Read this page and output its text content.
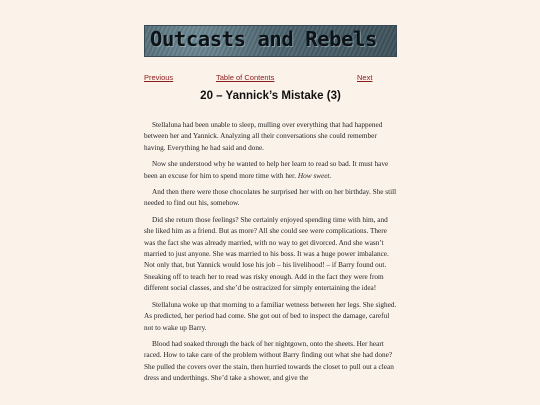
Outcasts and Rebels
Previous	Table of Contents	Next
20 – Yannick’s Mistake (3)

Stellaluna had been unable to sleep, mulling over everything that had happened between her and Yannick. Analyzing all their conversations she could remember having. Everything he had said and done.

Now she understood why he wanted to help her learn to read so bad. It must have been an excuse for him to spend more time with her. How sweet.

And then there were those chocolates he surprised her with on her birthday. She still needed to find out his, somehow.

Did she return those feelings? She certainly enjoyed spending time with him, and she liked him as a friend. But as more? All she could see were complications. There was the fact she was already married, with no way to get divorced. And she wasn’t married to just anyone. She was married to his boss. It was a huge power imbalance. Not only that, but Yannick would lose his job – his livelihood! – if Barry found out. Sneaking off to teach her to read was risky enough. Add in the fact they were from different social classes, and she’d be ostracized for simply entertaining the idea!

Stellaluna woke up that morning to a familiar wetness between her legs. She sighed. As predicted, her period had come. She got out of bed to inspect the damage, careful not to wake up Barry.

Blood had soaked through the back of her nightgown, onto the sheets. Her heart raced. How to take care of the problem without Barry finding out what she had done? She pulled the covers over the stain, then hurried towards the closet to pull out a clean dress and underthings. She’d take a shower, and give the
